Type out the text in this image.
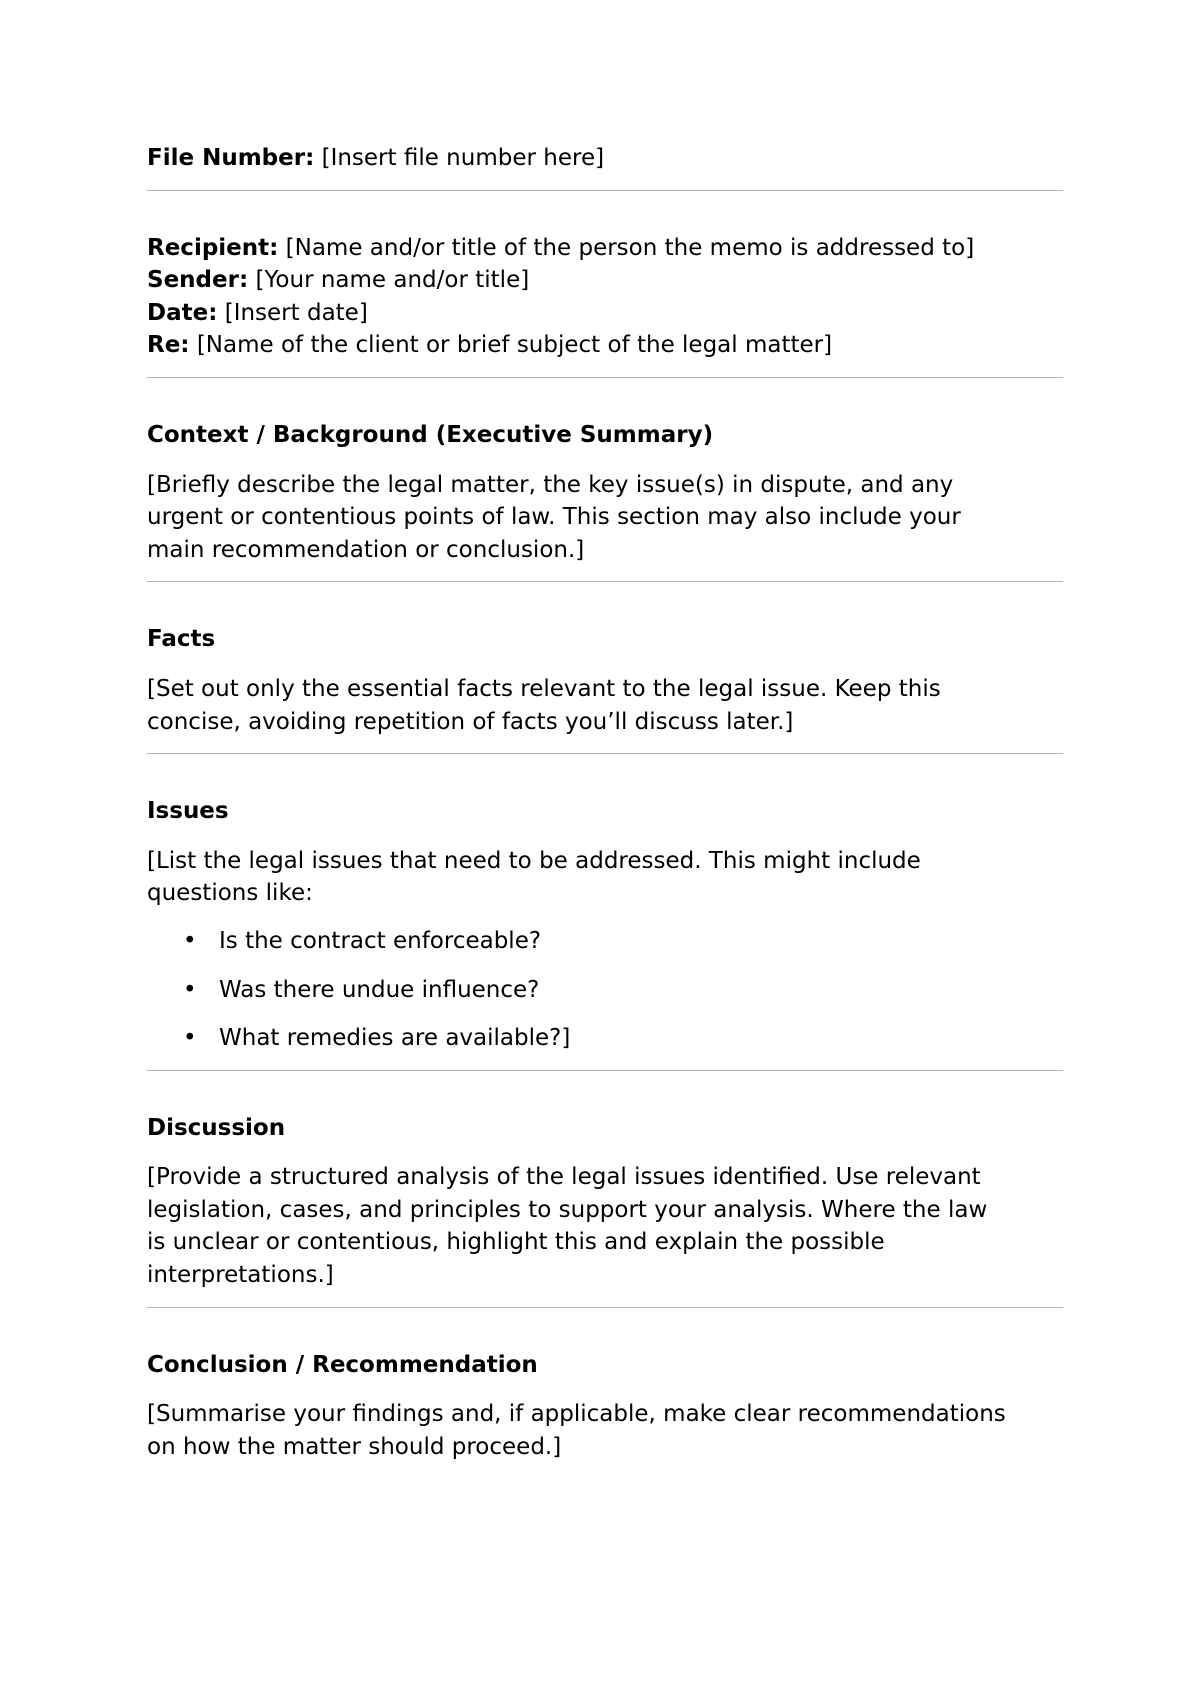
File Number: [Insert file number here]

Recipient: [Name and/or title of the person the memo is addressed to]

Sender: [Your name and/or title]

Date: [Insert date]

Re: [Name of the client or brief subject of the legal matter]

Context / Background (Executive Summary)

[Briefly describe the legal matter, the key issue(s) in dispute, and any

urgent or contentious points of law. This section may also include your

main recommendation or conclusion.]

Facts

[Set out only the essential facts relevant to the legal issue. Keep this

concise, avoiding repetition of facts you’ll discuss later.]

Issues

[List the legal issues that need to be addressed. This might include

questions like:

• Is the contract enforceable?
• Was there undue influence?
• What remedies are available?]

Discussion

[Provide a structured analysis of the legal issues identified. Use relevant

legislation, cases, and principles to support your analysis. Where the law

is unclear or contentious, highlight this and explain the possible

interpretations.]

Conclusion / Recommendation

[Summarise your findings and, if applicable, make clear recommendations

on how the matter should proceed.]
